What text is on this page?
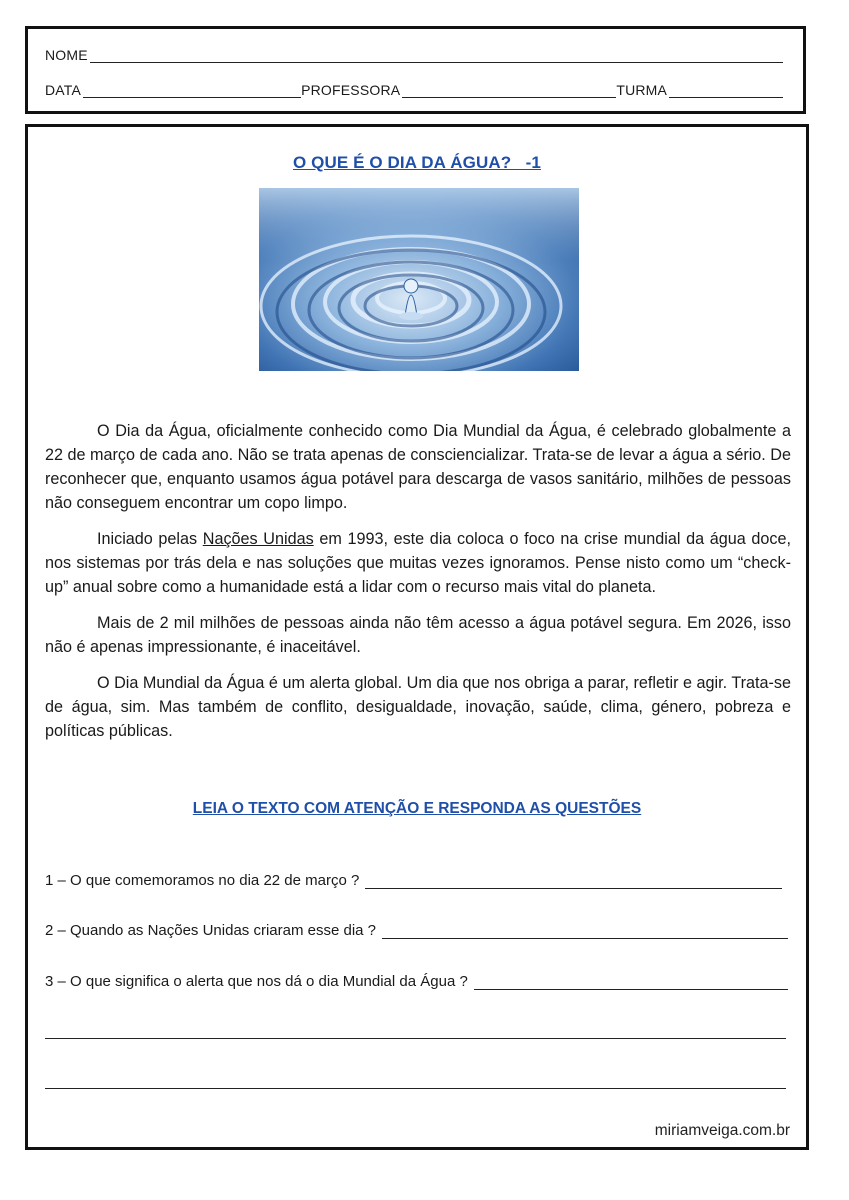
NOME
DATA	PROFESSORA	TURMA
O QUE É O DIA DA ÁGUA?   -1

O Dia da Água, oficialmente conhecido como Dia Mundial da Água, é celebrado globalmente a 22 de março de cada ano. Não se trata apenas de consciencializar. Trata-se de levar a água a sério. De reconhecer que, enquanto usamos água potável para descarga de vasos sanitário, milhões de pessoas não conseguem encontrar um copo limpo.

Iniciado pelas Nações Unidas em 1993, este dia coloca o foco na crise mundial da água doce, nos sistemas por trás dela e nas soluções que muitas vezes ignoramos. Pense nisto como um “check-up” anual sobre como a humanidade está a lidar com o recurso mais vital do planeta.

Mais de 2 mil milhões de pessoas ainda não têm acesso a água potável segura. Em 2026, isso não é apenas impressionante, é inaceitável.

O Dia Mundial da Água é um alerta global. Um dia que nos obriga a parar, refletir e agir. Trata-se de água, sim. Mas também de conflito, desigualdade, inovação, saúde, clima, género, pobreza e políticas públicas.

LEIA O TEXTO COM ATENÇÃO E RESPONDA AS QUESTÕES
1 – O que comemoramos no dia 22 de março ?
2 – Quando as Nações Unidas criaram esse dia ?
3 – O que significa o alerta que nos dá o dia Mundial da Água ?
miriamveiga.com.br
